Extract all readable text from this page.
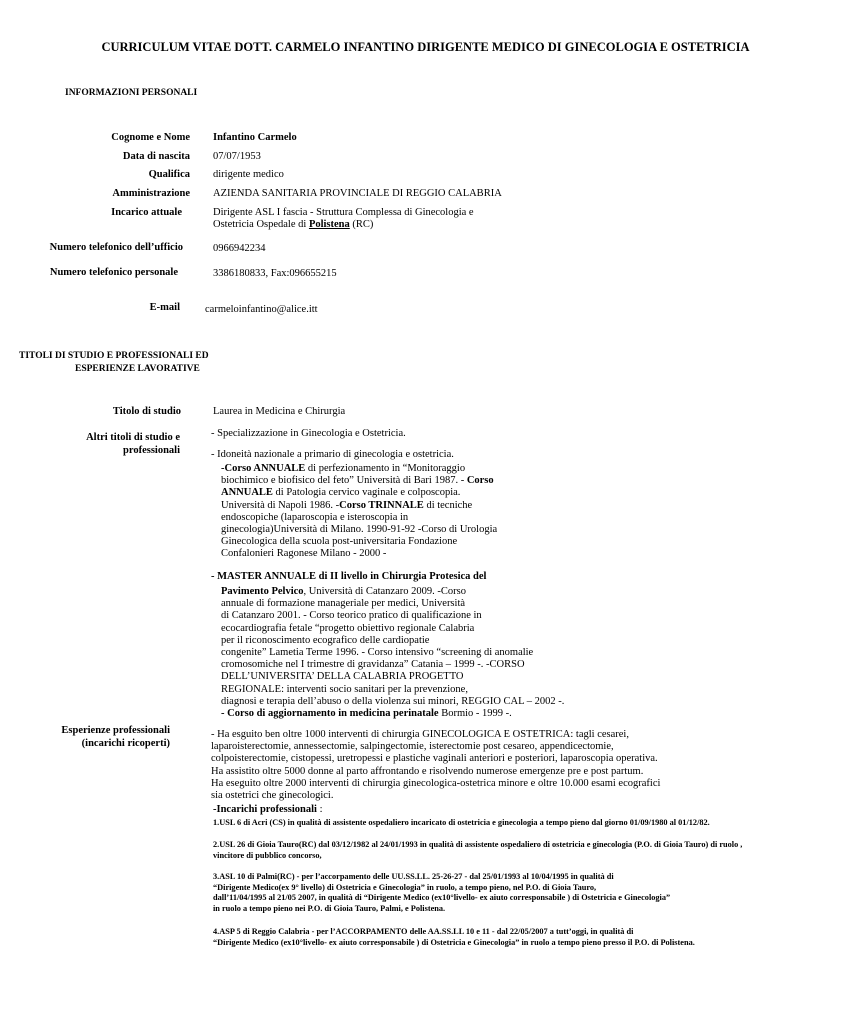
CURRICULUM VITAE DOTT. CARMELO INFANTINO DIRIGENTE MEDICO DI GINECOLOGIA E OSTETRICIA
INFORMAZIONI PERSONALI
Cognome e Nome Infantino Carmelo
Data di nascita 07/07/1953
Qualifica dirigente medico
Amministrazione AZIENDA SANITARIA PROVINCIALE DI REGGIO CALABRIA
Incarico attuale	Dirigente ASL I fascia - Struttura Complessa di Ginecologia e
Ostetricia Ospedale di Polistena (RC)
Numero telefonico dell’ufficio	0966942234
Numero telefonico personale	3386180833, Fax:096655215
E-mail carmeloinfantino@alice.itt
TITOLI DI STUDIO E PROFESSIONALI ED
ESPERIENZE LAVORATIVE
Titolo di studio	Laurea in Medicina e Chirurgia
Altri titoli di studio e
professionali
- Specializzazione in Ginecologia e Ostetricia.
- Idoneità nazionale a primario di ginecologia e ostetricia.
-Corso ANNUALE di perfezionamento in “Monitoraggio
biochimico e biofisico del feto” Università di Bari 1987. - Corso
ANNUALE di Patologia cervico vaginale e colposcopia.
Università di Napoli 1986. -Corso TRINNALE di tecniche
endoscopiche (laparoscopia e isteroscopia in
ginecologia)Università di Milano. 1990-91-92 -Corso di Urologia
Ginecologica della scuola post-universitaria Fondazione
Confalonieri Ragonese Milano - 2000 -
- MASTER ANNUALE di II livello in Chirurgia Protesica del
Pavimento Pelvico, Università di Catanzaro 2009. -Corso
annuale di formazione manageriale per medici, Università
di Catanzaro 2001. - Corso teorico pratico di qualificazione in
ecocardiografia fetale “progetto obiettivo regionale Calabria
per il riconoscimento ecografico delle cardiopatie
congenite” Lametia Terme 1996. - Corso intensivo “screening di anomalie
cromosomiche nel I trimestre di gravidanza” Catania – 1999 -. -CORSO
DELL’UNIVERSITA’ DELLA CALABRIA PROGETTO
REGIONALE: interventi socio sanitari per la prevenzione,
diagnosi e terapia dell’abuso o della violenza sui minori, REGGIO CAL – 2002 -.
- Corso di aggiornamento in medicina perinatale Bormio - 1999 -.
Esperienze professionali
(incarichi ricoperti)
- Ha esguito ben oltre 1000 interventi di chirurgia GINECOLOGICA E OSTETRICA: tagli cesarei,
laparoisterectomie, annessectomie, salpingectomie, isterectomie post cesareo, appendicectomie,
colpoisterectomie, cistopessi, uretropessi e plastiche vaginali anteriori e posteriori, laparoscopia operativa.
Ha assistito oltre 5000 donne al parto affrontando e risolvendo numerose emergenze pre e post partum.
Ha eseguito oltre 2000 interventi di chirurgia ginecologica-ostetrica minore e oltre 10.000 esami ecografici
sia ostetrici che ginecologici.
-Incarichi professionali :
1.USL 6 di Acri (CS) in qualità di assistente ospedaliero incaricato di ostetricia e ginecologia a tempo pieno dal giorno 01/09/1980 al 01/12/82.
2.USL 26 di Gioia Tauro(RC) dal 03/12/1982 al 24/01/1993 in qualità di assistente ospedaliero di ostetricia e ginecologia (P.O. di Gioia Tauro) di ruolo ,
vincitore di pubblico concorso,
3.ASL 10 di Palmi(RC) - per l’accorpamento delle UU.SS.LL. 25-26-27 - dal 25/01/1993 al 10/04/1995 in qualità di
“Dirigente Medico(ex 9° livello) di Ostetricia e Ginecologia” in ruolo, a tempo pieno, nel P.O. di Gioia Tauro,
dall’11/04/1995 al 21/05 2007, in qualità di “Dirigente Medico (ex10°livello- ex aiuto corresponsabile ) di Ostetricia e Ginecologia”
in ruolo a tempo pieno nei P.O. di Gioia Tauro, Palmi, e Polistena.
4.ASP 5 di Reggio Calabria - per l’ACCORPAMENTO delle AA.SS.LL 10 e 11 - dal 22/05/2007 a tutt’oggi, in qualità di
“Dirigente Medico (ex10°livello- ex aiuto corresponsabile ) di Ostetricia e Ginecologia” in ruolo a tempo pieno presso il P.O. di Polistena.
